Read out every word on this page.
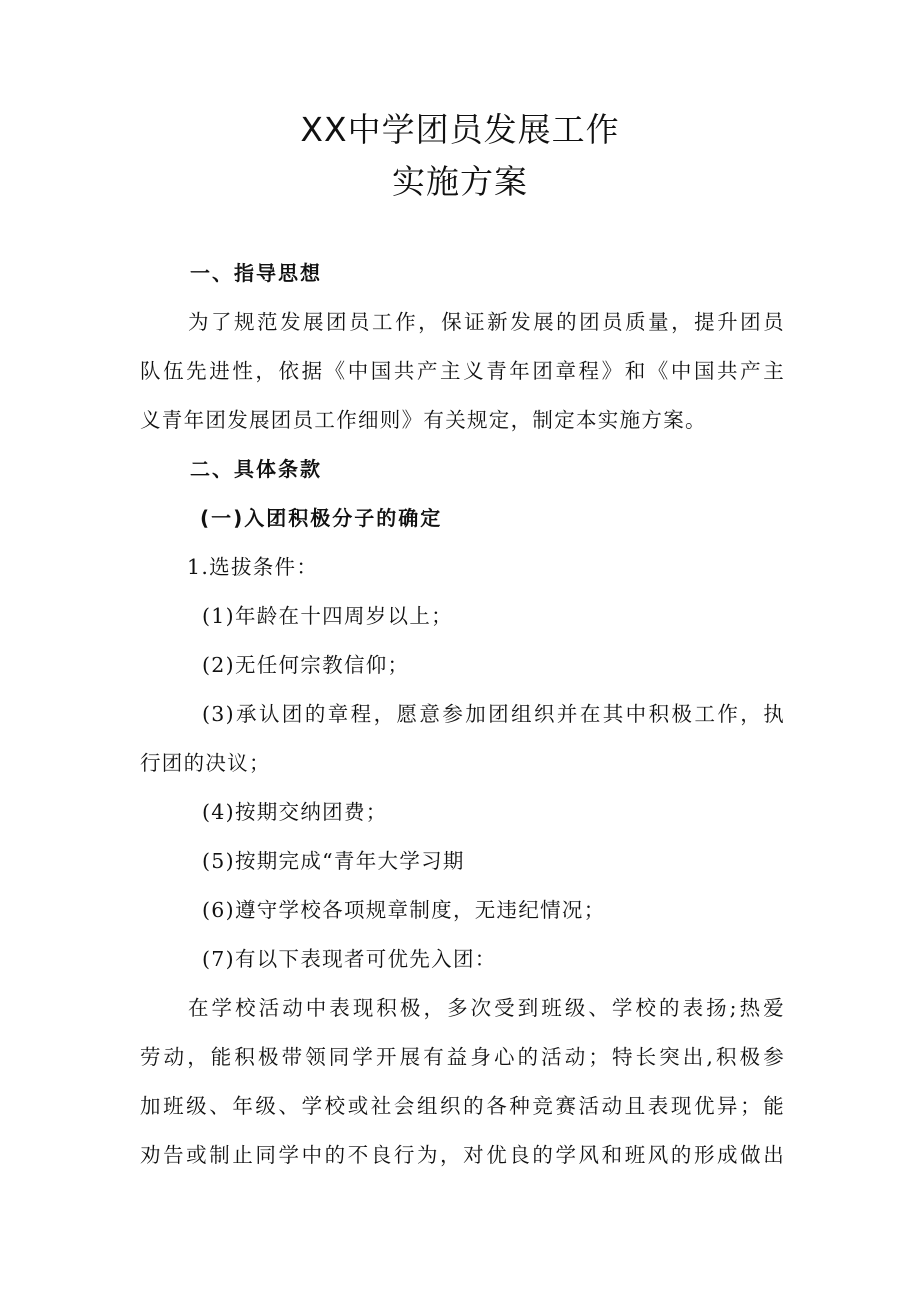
XX中学团员发展工作
实施方案
一、指导思想
为了规范发展团员工作，保证新发展的团员质量，提升团员
队伍先进性，依据《中国共产主义青年团章程》和《中国共产主
义青年团发展团员工作细则》有关规定，制定本实施方案。
二、具体条款
(一)入团积极分子的确定
1.选拔条件：
(1)年龄在十四周岁以上；
(2)无任何宗教信仰；
(3)承认团的章程，愿意参加团组织并在其中积极工作，执
行团的决议；
(4)按期交纳团费；
(5)按期完成“青年大学习期
(6)遵守学校各项规章制度，无违纪情况；
(7)有以下表现者可优先入团：
在学校活动中表现积极，多次受到班级、学校的表扬;热爱
劳动，能积极带领同学开展有益身心的活动；特长突出,积极参
加班级、年级、学校或社会组织的各种竞赛活动且表现优异；能
劝告或制止同学中的不良行为，对优良的学风和班风的形成做出
